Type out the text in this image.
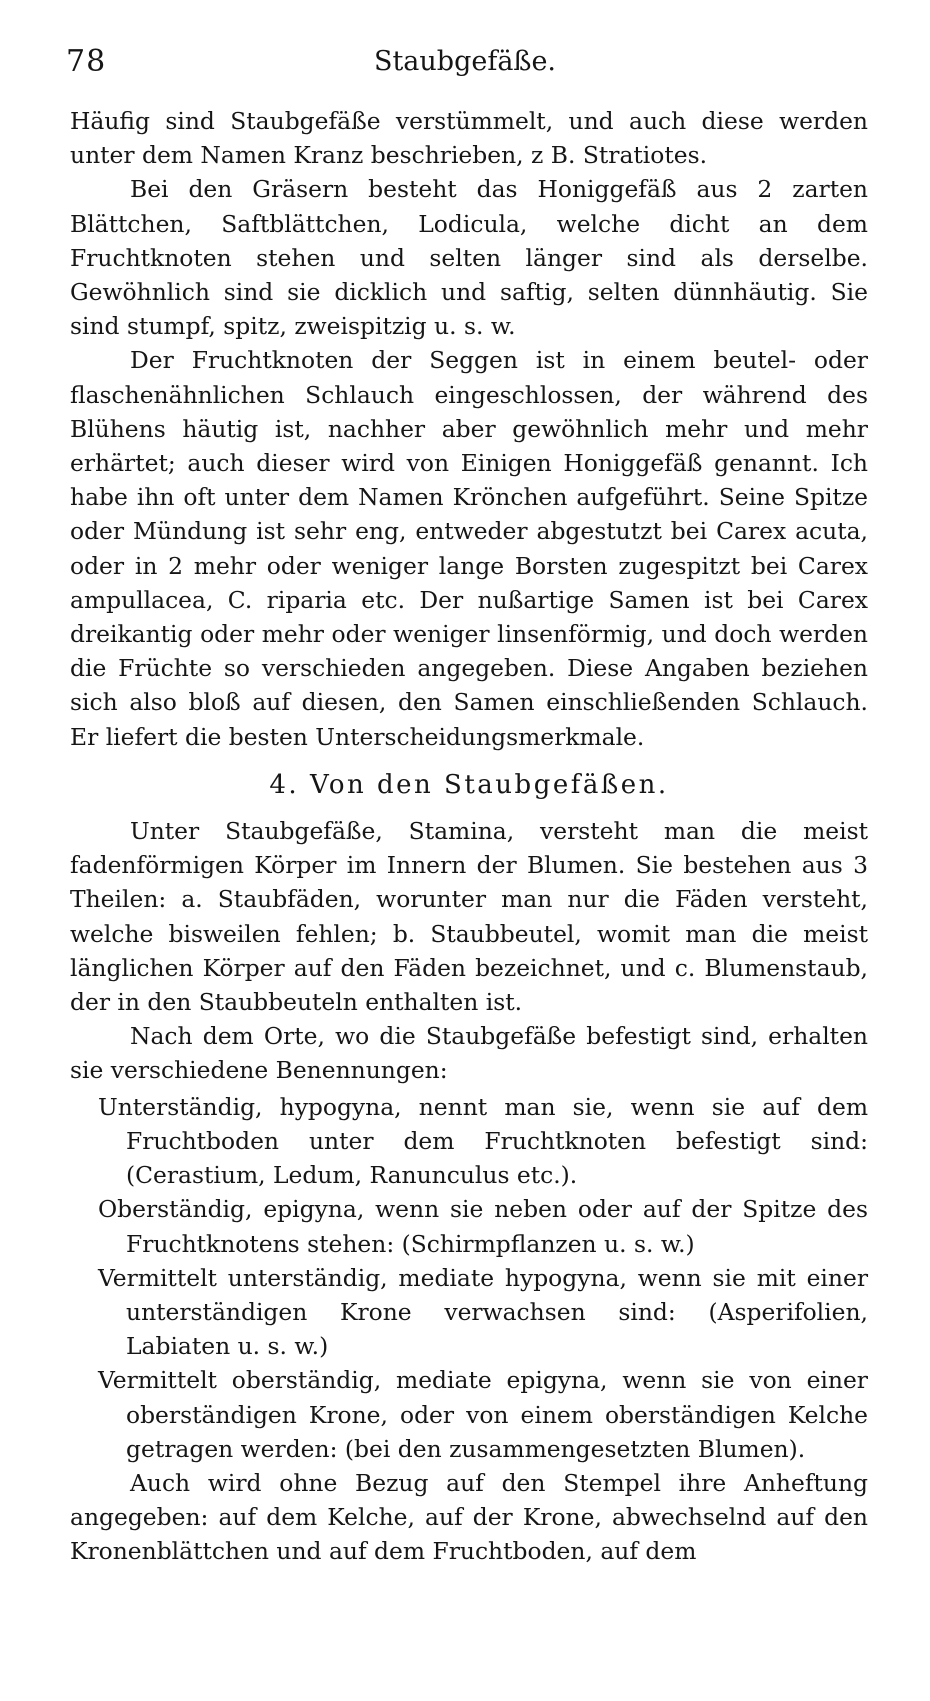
78	Staubgefäße.

Häufig sind Staubgefäße verstümmelt, und auch diese werden unter dem Namen Kranz beschrieben, z B. Stratiotes.

Bei den Gräsern besteht das Honiggefäß aus 2 zarten Blättchen, Saftblättchen, Lodicula, welche dicht an dem Fruchtknoten stehen und selten länger sind als derselbe. Gewöhnlich sind sie dicklich und saftig, selten dünnhäutig. Sie sind stumpf, spitz, zweispitzig u. s. w.

Der Fruchtknoten der Seggen ist in einem beutel- oder flaschenähnlichen Schlauch eingeschlossen, der während des Blühens häutig ist, nachher aber gewöhnlich mehr und mehr erhärtet; auch dieser wird von Einigen Honiggefäß genannt. Ich habe ihn oft unter dem Namen Krönchen aufgeführt. Seine Spitze oder Mündung ist sehr eng, entweder abgestutzt bei Carex acuta, oder in 2 mehr oder weniger lange Borsten zugespitzt bei Carex ampullacea, C. riparia etc. Der nußartige Samen ist bei Carex dreikantig oder mehr oder weniger linsenförmig, und doch werden die Früchte so verschieden angegeben. Diese Angaben beziehen sich also bloß auf diesen, den Samen einschließenden Schlauch. Er liefert die besten Unterscheidungsmerkmale.

4. Von den Staubgefäßen.

Unter Staubgefäße, Stamina, versteht man die meist fadenförmigen Körper im Innern der Blumen. Sie bestehen aus 3 Theilen: a. Staubfäden, worunter man nur die Fäden versteht, welche bisweilen fehlen; b. Staubbeutel, womit man die meist länglichen Körper auf den Fäden bezeichnet, und c. Blumenstaub, der in den Staubbeuteln enthalten ist.

Nach dem Orte, wo die Staubgefäße befestigt sind, erhalten sie verschiedene Benennungen:

Unterständig, hypogyna, nennt man sie, wenn sie auf dem Fruchtboden unter dem Fruchtknoten befestigt sind: (Cerastium, Ledum, Ranunculus etc.).

Oberständig, epigyna, wenn sie neben oder auf der Spitze des Fruchtknotens stehen: (Schirmpflanzen u. s. w.)

Vermittelt unterständig, mediate hypogyna, wenn sie mit einer unterständigen Krone verwachsen sind: (Asperifolien, Labiaten u. s. w.)

Vermittelt oberständig, mediate epigyna, wenn sie von einer oberständigen Krone, oder von einem oberständigen Kelche getragen werden: (bei den zusammengesetzten Blumen).

Auch wird ohne Bezug auf den Stempel ihre Anheftung angegeben: auf dem Kelche, auf der Krone, abwechselnd auf den Kronenblättchen und auf dem Fruchtboden, auf dem
